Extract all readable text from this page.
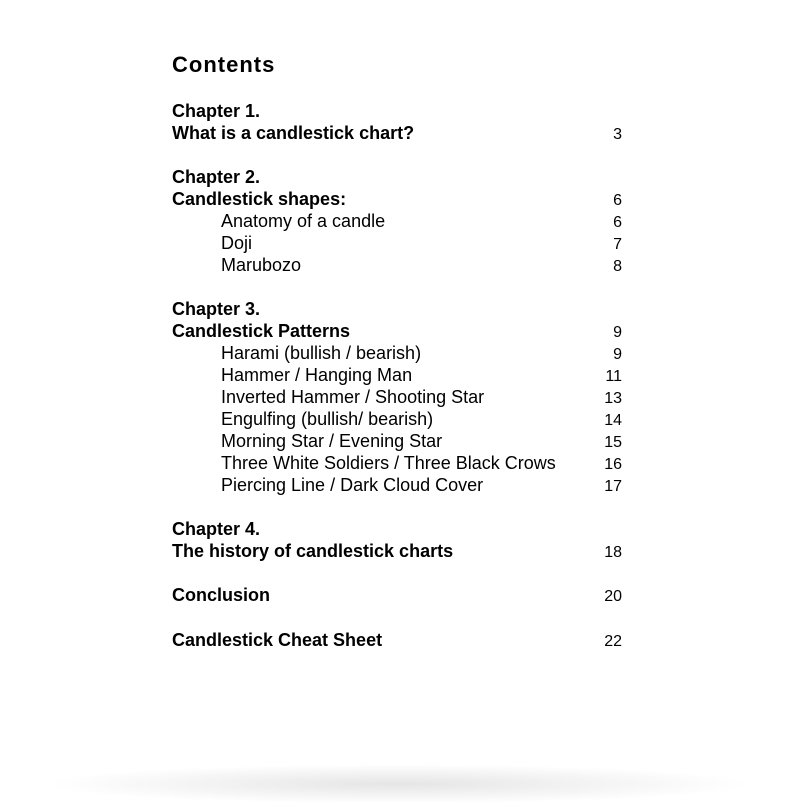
Contents
Chapter 1.
What is a candlestick chart?	3
Chapter 2.
Candlestick shapes:	6
Anatomy of a candle	6
Doji	7
Marubozo	8
Chapter 3.
Candlestick Patterns	9
Harami (bullish / bearish)	9
Hammer / Hanging Man	11
Inverted Hammer / Shooting Star	13
Engulfing (bullish/ bearish)	14
Morning Star / Evening Star	15
Three White Soldiers / Three Black Crows	16
Piercing Line / Dark Cloud Cover	17
Chapter 4.
The history of candlestick charts	18
Conclusion	20
Candlestick Cheat Sheet	22
